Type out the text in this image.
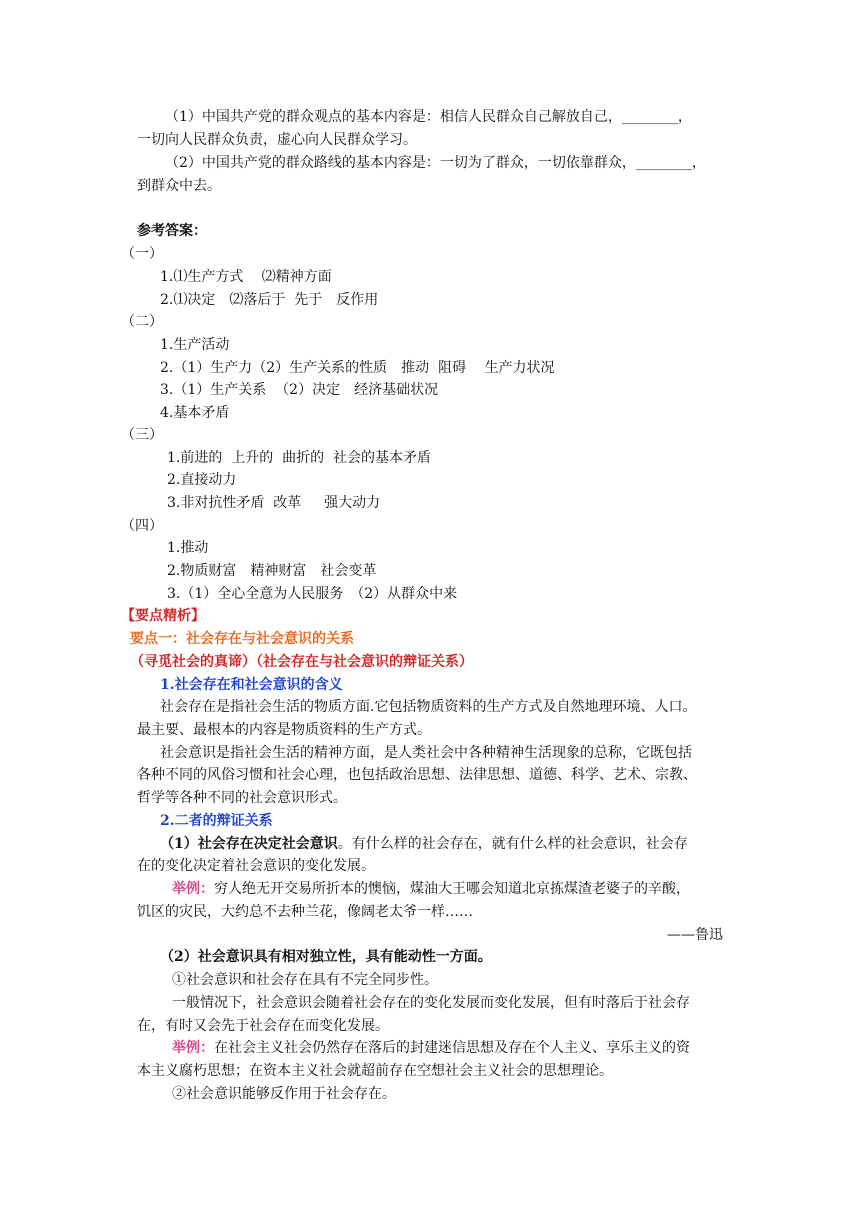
（1）中国共产党的群众观点的基本内容是：相信人民群众自己解放自己，________，
一切向人民群众负责，虚心向人民群众学习。
（2）中国共产党的群众路线的基本内容是：一切为了群众，一切依靠群众，________，
到群众中去。
参考答案：
（一）
1.⑴生产方式　 ⑵精神方面
2.⑴决定　⑵落后于  先于　反作用
（二）
1.生产活动
2.（1）生产力（2）生产关系的性质　推动  阻碍　 生产力状况
3.（1）生产关系  （2）决定　经济基础状况
4.基本矛盾
（三）
1.前进的  上升的  曲折的  社会的基本矛盾
2.直接动力
3.非对抗性矛盾  改革　  强大动力
（四）
1.推动
2.物质财富　精神财富　社会变革
3.（1）全心全意为人民服务　（2）从群众中来
【要点精析】
要点一：社会存在与社会意识的关系
（寻觅社会的真谛）（社会存在与社会意识的辩证关系）
1.社会存在和社会意识的含义
社会存在是指社会生活的物质方面.它包括物质资料的生产方式及自然地理环境、人口。
最主要、最根本的内容是物质资料的生产方式。
社会意识是指社会生活的精神方面，是人类社会中各种精神生活现象的总称，它既包括
各种不同的风俗习惯和社会心理，也包括政治思想、法律思想、道德、科学、艺术、宗教、
哲学等各种不同的社会意识形式。
2.二者的辩证关系
（1）社会存在决定社会意识。有什么样的社会存在，就有什么样的社会意识，社会存
在的变化决定着社会意识的变化发展。
举例：穷人绝无开交易所折本的懊恼，煤油大王哪会知道北京拣煤渣老婆子的辛酸，
饥区的灾民，大约总不去种兰花，像阔老太爷一样……
——鲁迅
（2）社会意识具有相对独立性，具有能动性一方面。
①社会意识和社会存在具有不完全同步性。
一般情况下，社会意识会随着社会存在的变化发展而变化发展，但有时落后于社会存
在，有时又会先于社会存在而变化发展。
举例：在社会主义社会仍然存在落后的封建迷信思想及存在个人主义、享乐主义的资
本主义腐朽思想；在资本主义社会就超前存在空想社会主义社会的思想理论。
②社会意识能够反作用于社会存在。
